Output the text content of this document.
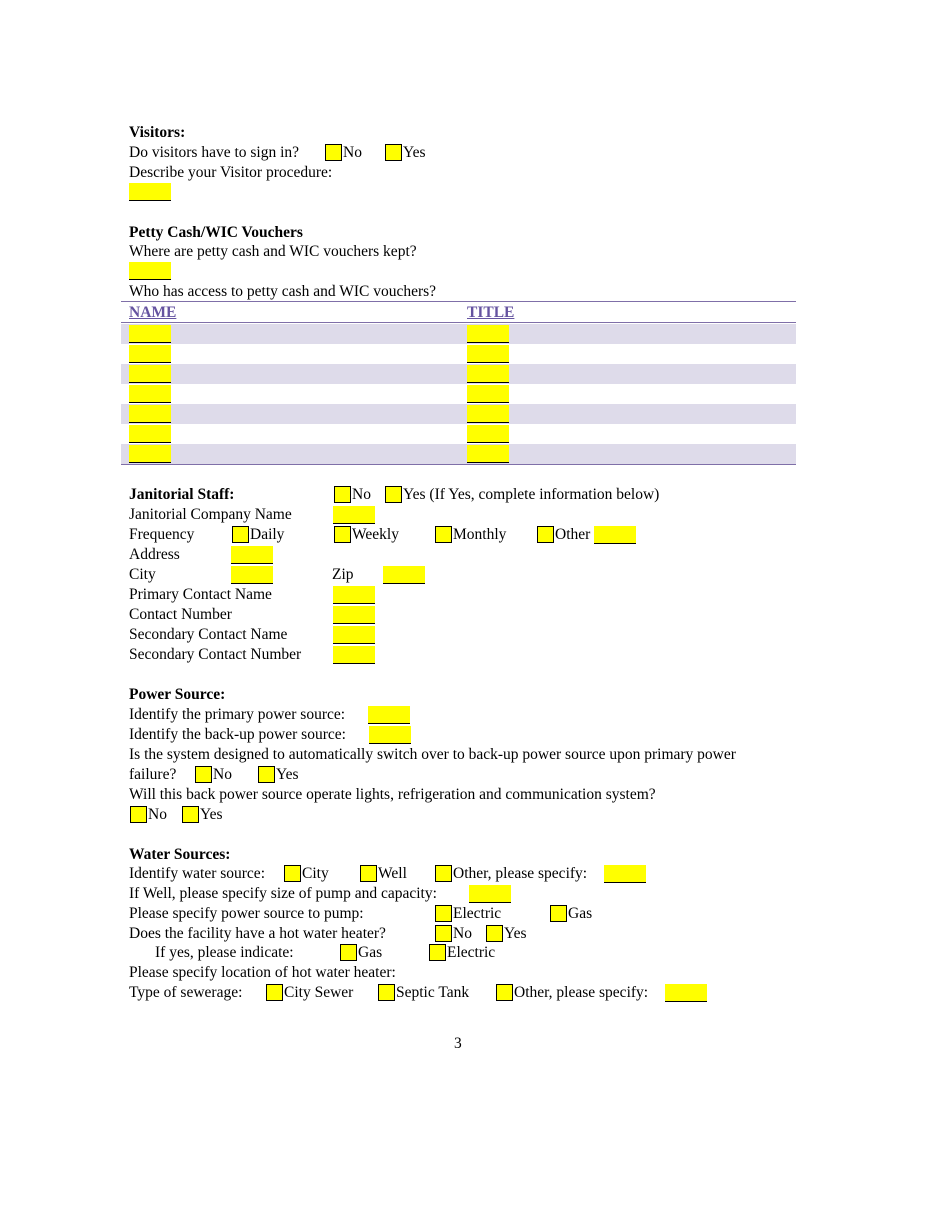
Visitors:
Do visitors have to sign in?	No	Yes
Describe your Visitor procedure:
Petty Cash/WIC Vouchers
Where are petty cash and WIC vouchers kept?
Who has access to petty cash and WIC vouchers?
NAME	TITLE
Janitorial Staff:	No Yes (If Yes, complete information below)
Janitorial Company Name
Frequency	Daily	Weekly	Monthly	Other
Address
City	Zip
Primary Contact Name
Contact Number
Secondary Contact Name
Secondary Contact Number
Power Source:
Identify the primary power source:
Identify the back-up power source:
Is the system designed to automatically switch over to back-up power source upon primary power
failure? No	Yes
Will this back power source operate lights, refrigeration and communication system?
No Yes
Water Sources:
Identify water source: City	Well	Other, please specify:
If Well, please specify size of pump and capacity:
Please specify power source to pump:	Electric	Gas
Does the facility have a hot water heater?	No Yes
If yes, please indicate:	Gas	Electric
Please specify location of hot water heater:
Type of sewerage:	City Sewer	Septic Tank	Other, please specify:
3
